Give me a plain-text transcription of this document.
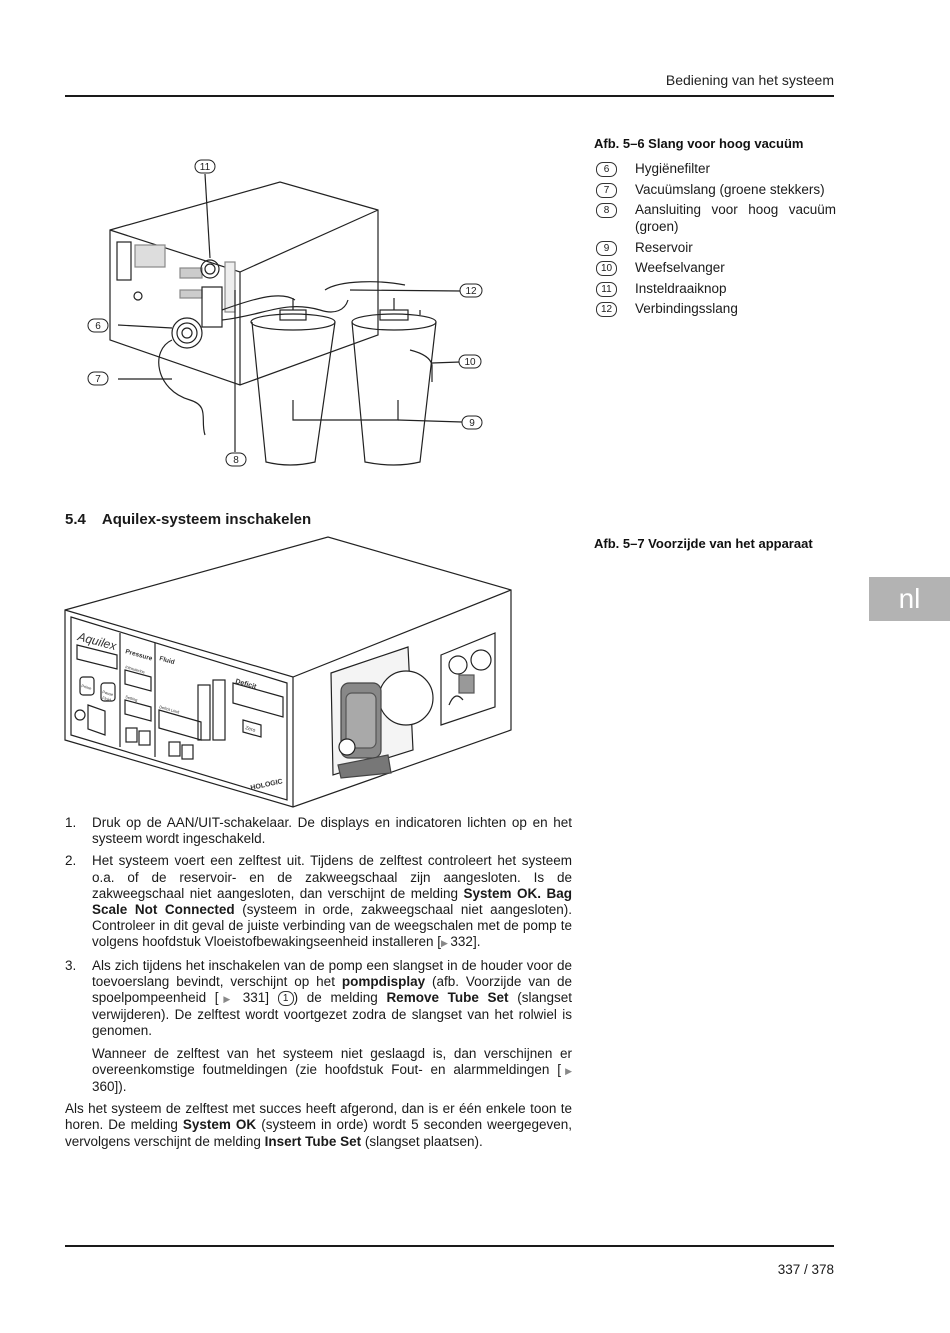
Bediening van het systeem
11
12
6
10
7
9
8
Afb. 5–6 Slang voor hoog vacuüm
6	Hygiënefilter
7	Vacuümslang (groene stekkers)
8	Aansluiting voor hoog vacuüm (groen)
9	Reservoir
10	Weefselvanger
11	Insteldraaiknop
12	Verbindingsslang
5.4 Aquilex-systeem inschakelen
Afb. 5–7 Voorzijde van het apparaat
nl
Aquilex
Pressure Fluid
Deficit
Zero
Intrauterine
Setting
Deficit Limit
Prime
Pause
Fluid
HOLOGIC
1. Druk op de AAN/UIT-schakelaar. De displays en indicatoren lichten op en het systeem wordt ingeschakeld.
2. Het systeem voert een zelftest uit. Tijdens de zelftest controleert het systeem o.a. of de reservoir- en de zakweegschaal zijn aangesloten. Is de zakweegschaal niet aangesloten, dan verschijnt de melding System OK. Bag Scale Not Connected (systeem in orde, zakweegschaal niet aangesloten). Controleer in dit geval de juiste verbinding van de weegschalen met de pomp te volgens hoofdstuk Vloeistofbewakingseenheid installeren [▶ 332].
3. Als zich tijdens het inschakelen van de pomp een slangset in de houder voor de toevoerslang bevindt, verschijnt op het pompdisplay (afb. Voorzijde van de spoelpompeenheid [▶ 331] 1 ) de melding Remove Tube Set (slangset verwijderen). De zelftest wordt voortgezet zodra de slangset van het rolwiel is genomen.

Wanneer de zelftest van het systeem niet geslaagd is, dan verschijnen er overeenkomstige foutmeldingen (zie hoofdstuk Fout- en alarmmeldingen [▶ 360]).

Als het systeem de zelftest met succes heeft afgerond, dan is er één enkele toon te horen. De melding System OK (systeem in orde) wordt 5 seconden weergegeven, vervolgens verschijnt de melding Insert Tube Set (slangset plaatsen).

337 / 378
